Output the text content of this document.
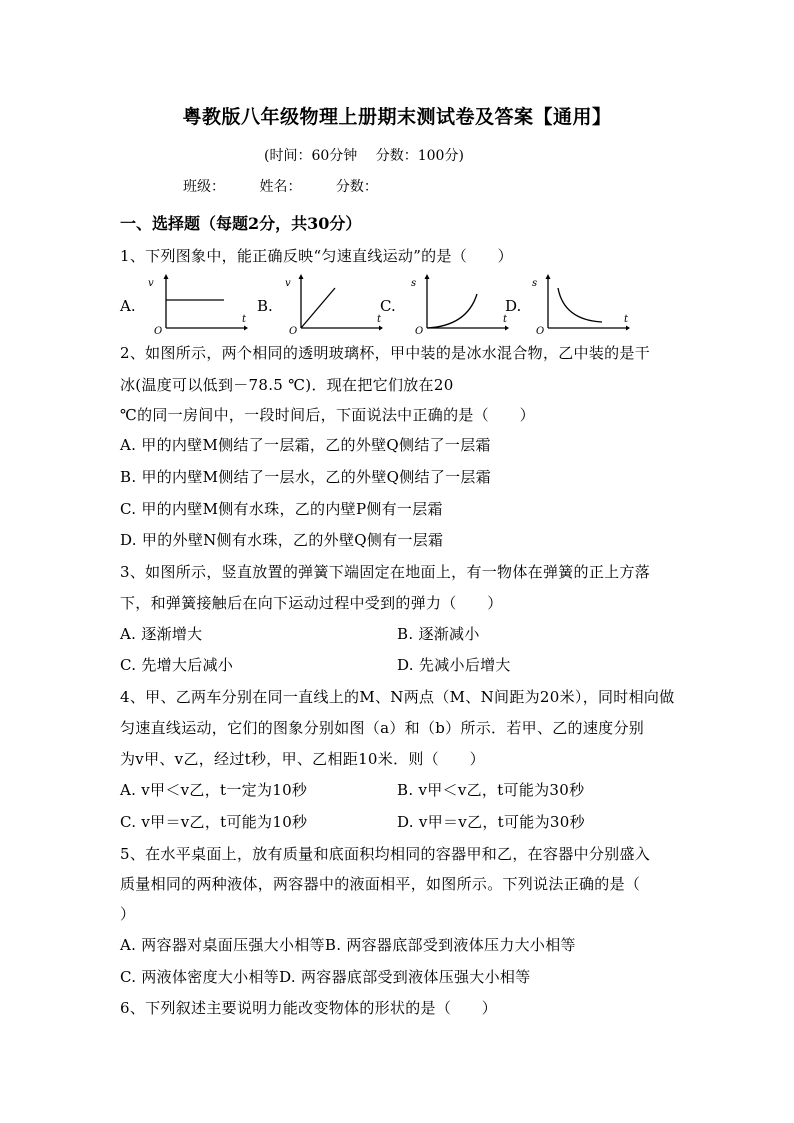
粤教版八年级物理上册期末测试卷及答案【通用】
(时间：60分钟　 分数：100分)
班级： 姓名： 分数：
一、选择题（每题2分，共30分）
1、下列图象中，能正确反映“匀速直线运动”的是（　　）
A.
v
O
t
B.
v
O
t
C.
s
O
t
D.
s
O
t
2、如图所示，两个相同的透明玻璃杯，甲中装的是冰水混合物，乙中装的是干
冰(温度可以低到－78.5 ℃)．现在把它们放在20
℃的同一房间中，一段时间后，下面说法中正确的是（　　）
A. 甲的内壁M侧结了一层霜，乙的外壁Q侧结了一层霜
B. 甲的内壁M侧结了一层水，乙的外壁Q侧结了一层霜
C. 甲的内壁M侧有水珠，乙的内壁P侧有一层霜
D. 甲的外壁N侧有水珠，乙的外壁Q侧有一层霜
3、如图所示，竖直放置的弹簧下端固定在地面上，有一物体在弹簧的正上方落
下，和弹簧接触后在向下运动过程中受到的弹力（　　）
A. 逐渐增大	B. 逐渐减小
C. 先增大后减小	D. 先减小后增大
4、甲、乙两车分别在同一直线上的M、N两点（M、N间距为20米），同时相向做
匀速直线运动，它们的图象分别如图（a）和（b）所示．若甲、乙的速度分别
为v甲、v乙，经过t秒，甲、乙相距10米．则（　　）
A. v甲＜v乙，t一定为10秒	B. v甲＜v乙，t可能为30秒
C. v甲＝v乙，t可能为10秒	D. v甲＝v乙，t可能为30秒
5、在水平桌面上，放有质量和底面积均相同的容器甲和乙，在容器中分别盛入
质量相同的两种液体，两容器中的液面相平，如图所示。下列说法正确的是（
）
A. 两容器对桌面压强大小相等B. 两容器底部受到液体压力大小相等
C. 两液体密度大小相等D. 两容器底部受到液体压强大小相等
6、下列叙述主要说明力能改变物体的形状的是（　　）
